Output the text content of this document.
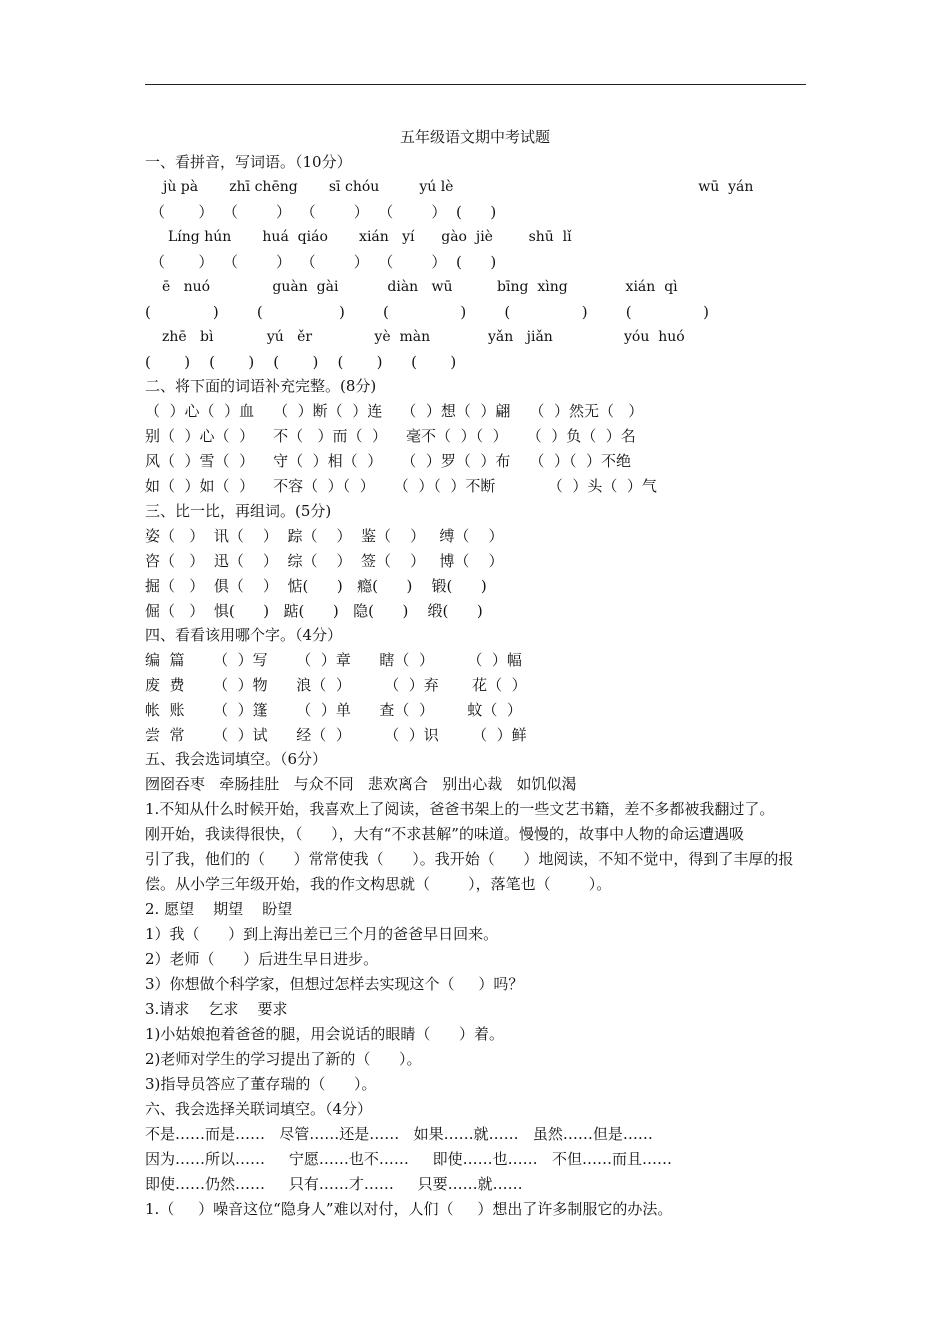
五年级语文期中考试题
一、看拼音，写词语。（10分）
jù pà       zhī chēng       sī chóu         yú lè                                                       wū  yán
（       ）  （        ）  （        ）  （        ）  (      )
Líng hún       huá  qiáo       xián   yí      gào  jiè        shū  lǐ
（       ）  （        ）  （        ）  （        ）  (      )
ē   nuó              guàn  gài           diàn   wū          bīng  xìng             xián  qì
(             )        (                )        (               )        (               )        (               )
zhē   bì            yú   ěr              yè  màn             yǎn   jiǎn                yóu  huó
(       )    (       )    (       )    (       )      (       )
二、将下面的词语补充完整。(8分)
（  ）心（  ）血    （  ）断（  ）连    （  ）想（  ）翩    （  ）然无（   ）
别（  ）心（  ）    不（   ）而（  ）    毫不（  ）（  ）    （  ）负（  ）名
风（  ）雪（  ）    守（  ）相（  ）    （  ）罗（  ）布    （  ）（  ）不绝
如（  ）如（  ）    不容（  ）（  ）    （  ）（  ）不断           （  ）头（  ）气
三、比一比，再组词。(5分)
姿（   ）  讯（    ）  踪（    ）  鉴（    ）   缚（    ）
咨（   ）  迅（    ）  综（    ）  签（    ）   博（    ）
掘（   ）  俱（    ）  惦(      )   瘾(      )    锻(      )
倔（   ）  惧(      )   踮(      )   隐(      )    缎(      )
四、看看该用哪个字。（4分）
编  篇      （  ）写      （  ）章      瞎（  ）       （  ）幅
废  费      （  ）物      浪（  ）       （  ）弃       花（  ）
帐  账      （  ）篷      （  ）单      查（  ）       蚊（  ）
尝  常      （  ）试      经（  ）       （  ）识       （  ）鲜
五、我会选词填空。（6分）
囫囵吞枣   牵肠挂肚   与众不同   悲欢离合   别出心裁   如饥似渴
1.不知从什么时候开始，我喜欢上了阅读，爸爸书架上的一些文艺书籍，差不多都被我翻过了。
刚开始，我读得很快，（      ），大有“不求甚解”的味道。慢慢的，故事中人物的命运遭遇吸
引了我，他们的（      ）常常使我（      ）。我开始（      ）地阅读，不知不觉中，得到了丰厚的报
偿。从小学三年级开始，我的作文构思就（        ），落笔也（        ）。
2. 愿望    期望    盼望
1）我（      ）到上海出差已三个月的爸爸早日回来。
2）老师（      ）后进生早日进步。
3）你想做个科学家，但想过怎样去实现这个（     ）吗？
3.请求    乞求    要求
1)小姑娘抱着爸爸的腿，用会说话的眼睛（      ）着。
2)老师对学生的学习提出了新的（      ）。
3)指导员答应了董存瑞的（      ）。
六、我会选择关联词填空。（4分）
不是……而是……   尽管……还是……   如果……就……   虽然……但是……
因为……所以……     宁愿……也不……     即使……也……   不但……而且……
即使……仍然……     只有……才……     只要……就……
1.（     ）噪音这位“隐身人”难以对付，人们（     ）想出了许多制服它的办法。
